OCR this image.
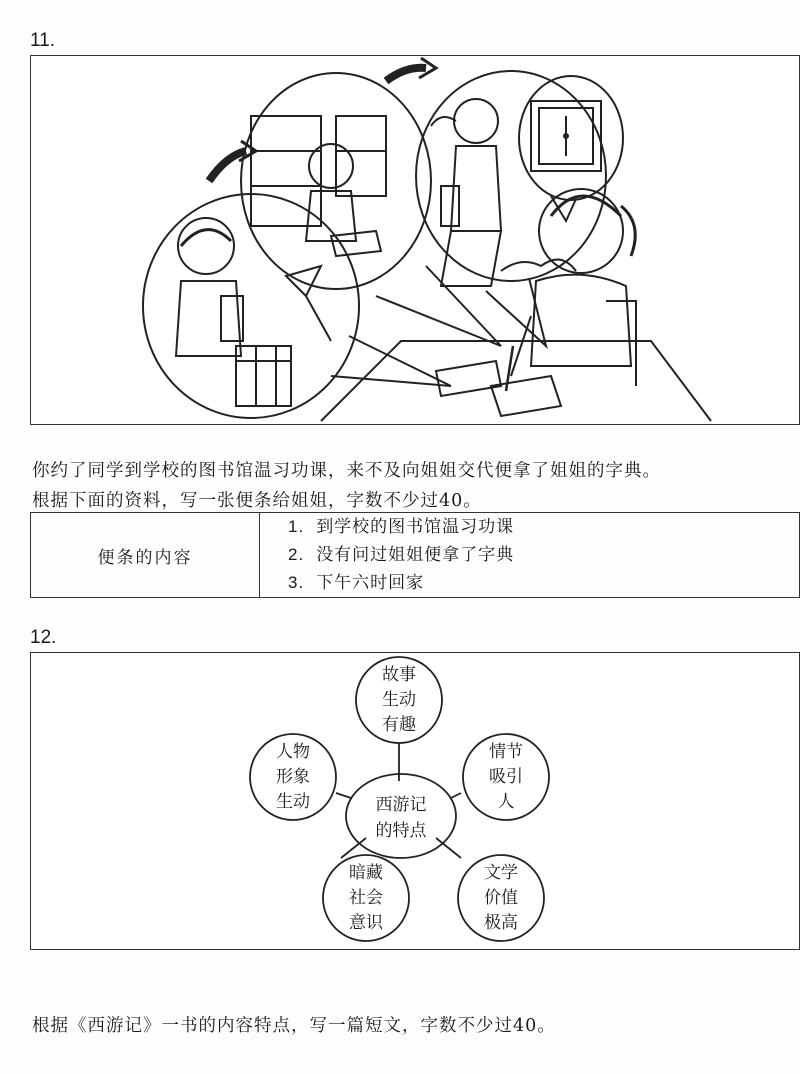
11.
你约了同学到学校的图书馆温习功课，来不及向姐姐交代便拿了姐姐的字典。
根据下面的资料，写一张便条给姐姐，字数不少过40。
便条的内容	
1. 到学校的图书馆温习功课
2. 没有问过姐姐便拿了字典
3. 下午六时回家
12.
西游记
的特点
故事
生动
有趣
情节
吸引
人
文学
价值
极高
暗藏
社会
意识
人物
形象
生动
根据《西游记》一书的内容特点，写一篇短文，字数不少过40。
